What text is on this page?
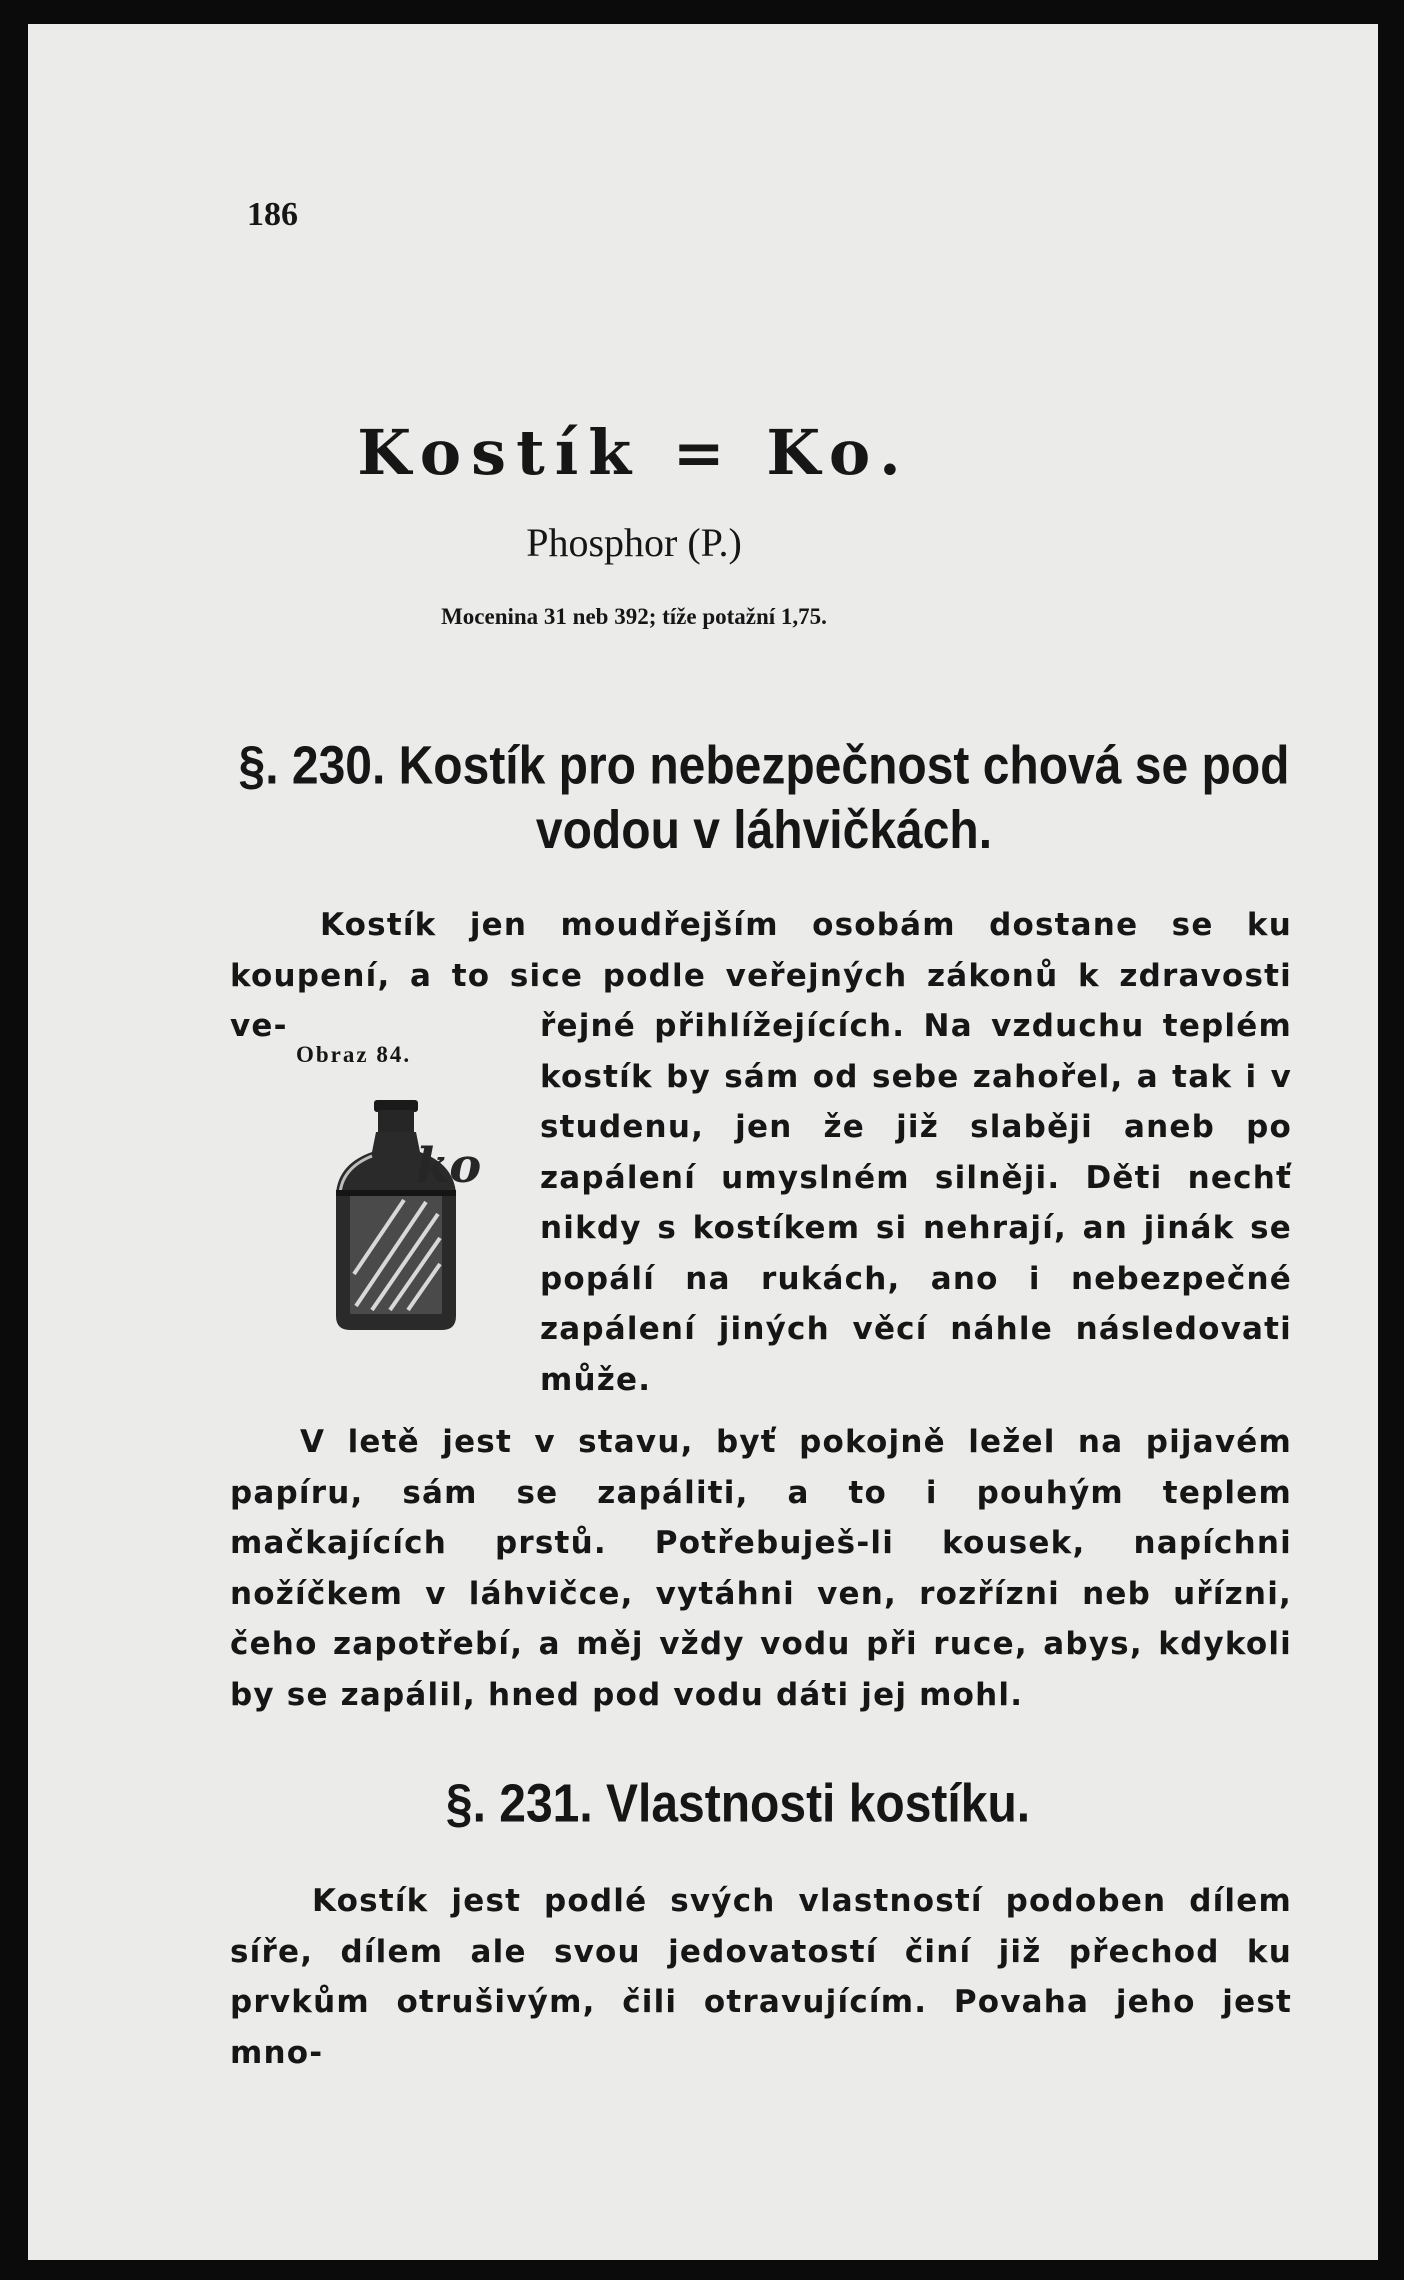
186
Kostík = Ko.
Phosphor (P.)
Mocenina 31 neb 392; tíže potažní 1,75.
§. 230. Kostík pro nebezpečnost chová se pod vodou v láhvičkách.

Kostík jen moudřejším osobám dostane se ku koupení, a to sice podle veřejných zákonů k zdravosti ve-

Obraz 84.
ko

řejné přihlížejících. Na vzduchu teplém kostík by sám od sebe zahořel, a tak i v studenu, jen že již slaběji aneb po zapálení umyslném silněji. Děti nechť nikdy s kostíkem si nehrají, an jinák se popálí na rukách, ano i nebezpečné zapálení jiných věcí náhle následovati může.

V letě jest v stavu, byť pokojně ležel na pijavém papíru, sám se zapáliti, a to i pouhým teplem mačkajících prstů. Potřebuješ-li kousek, napíchni nožíčkem v láhvičce, vytáhni ven, rozřízni neb uřízni, čeho zapotřebí, a měj vždy vodu při ruce, abys, kdykoli by se zapálil, hned pod vodu dáti jej mohl.

§. 231. Vlastnosti kostíku.

Kostík jest podlé svých vlastností podoben dílem síře, dílem ale svou jedovatostí činí již přechod ku prvkům otrušivým, čili otravujícím. Povaha jeho jest mno-
